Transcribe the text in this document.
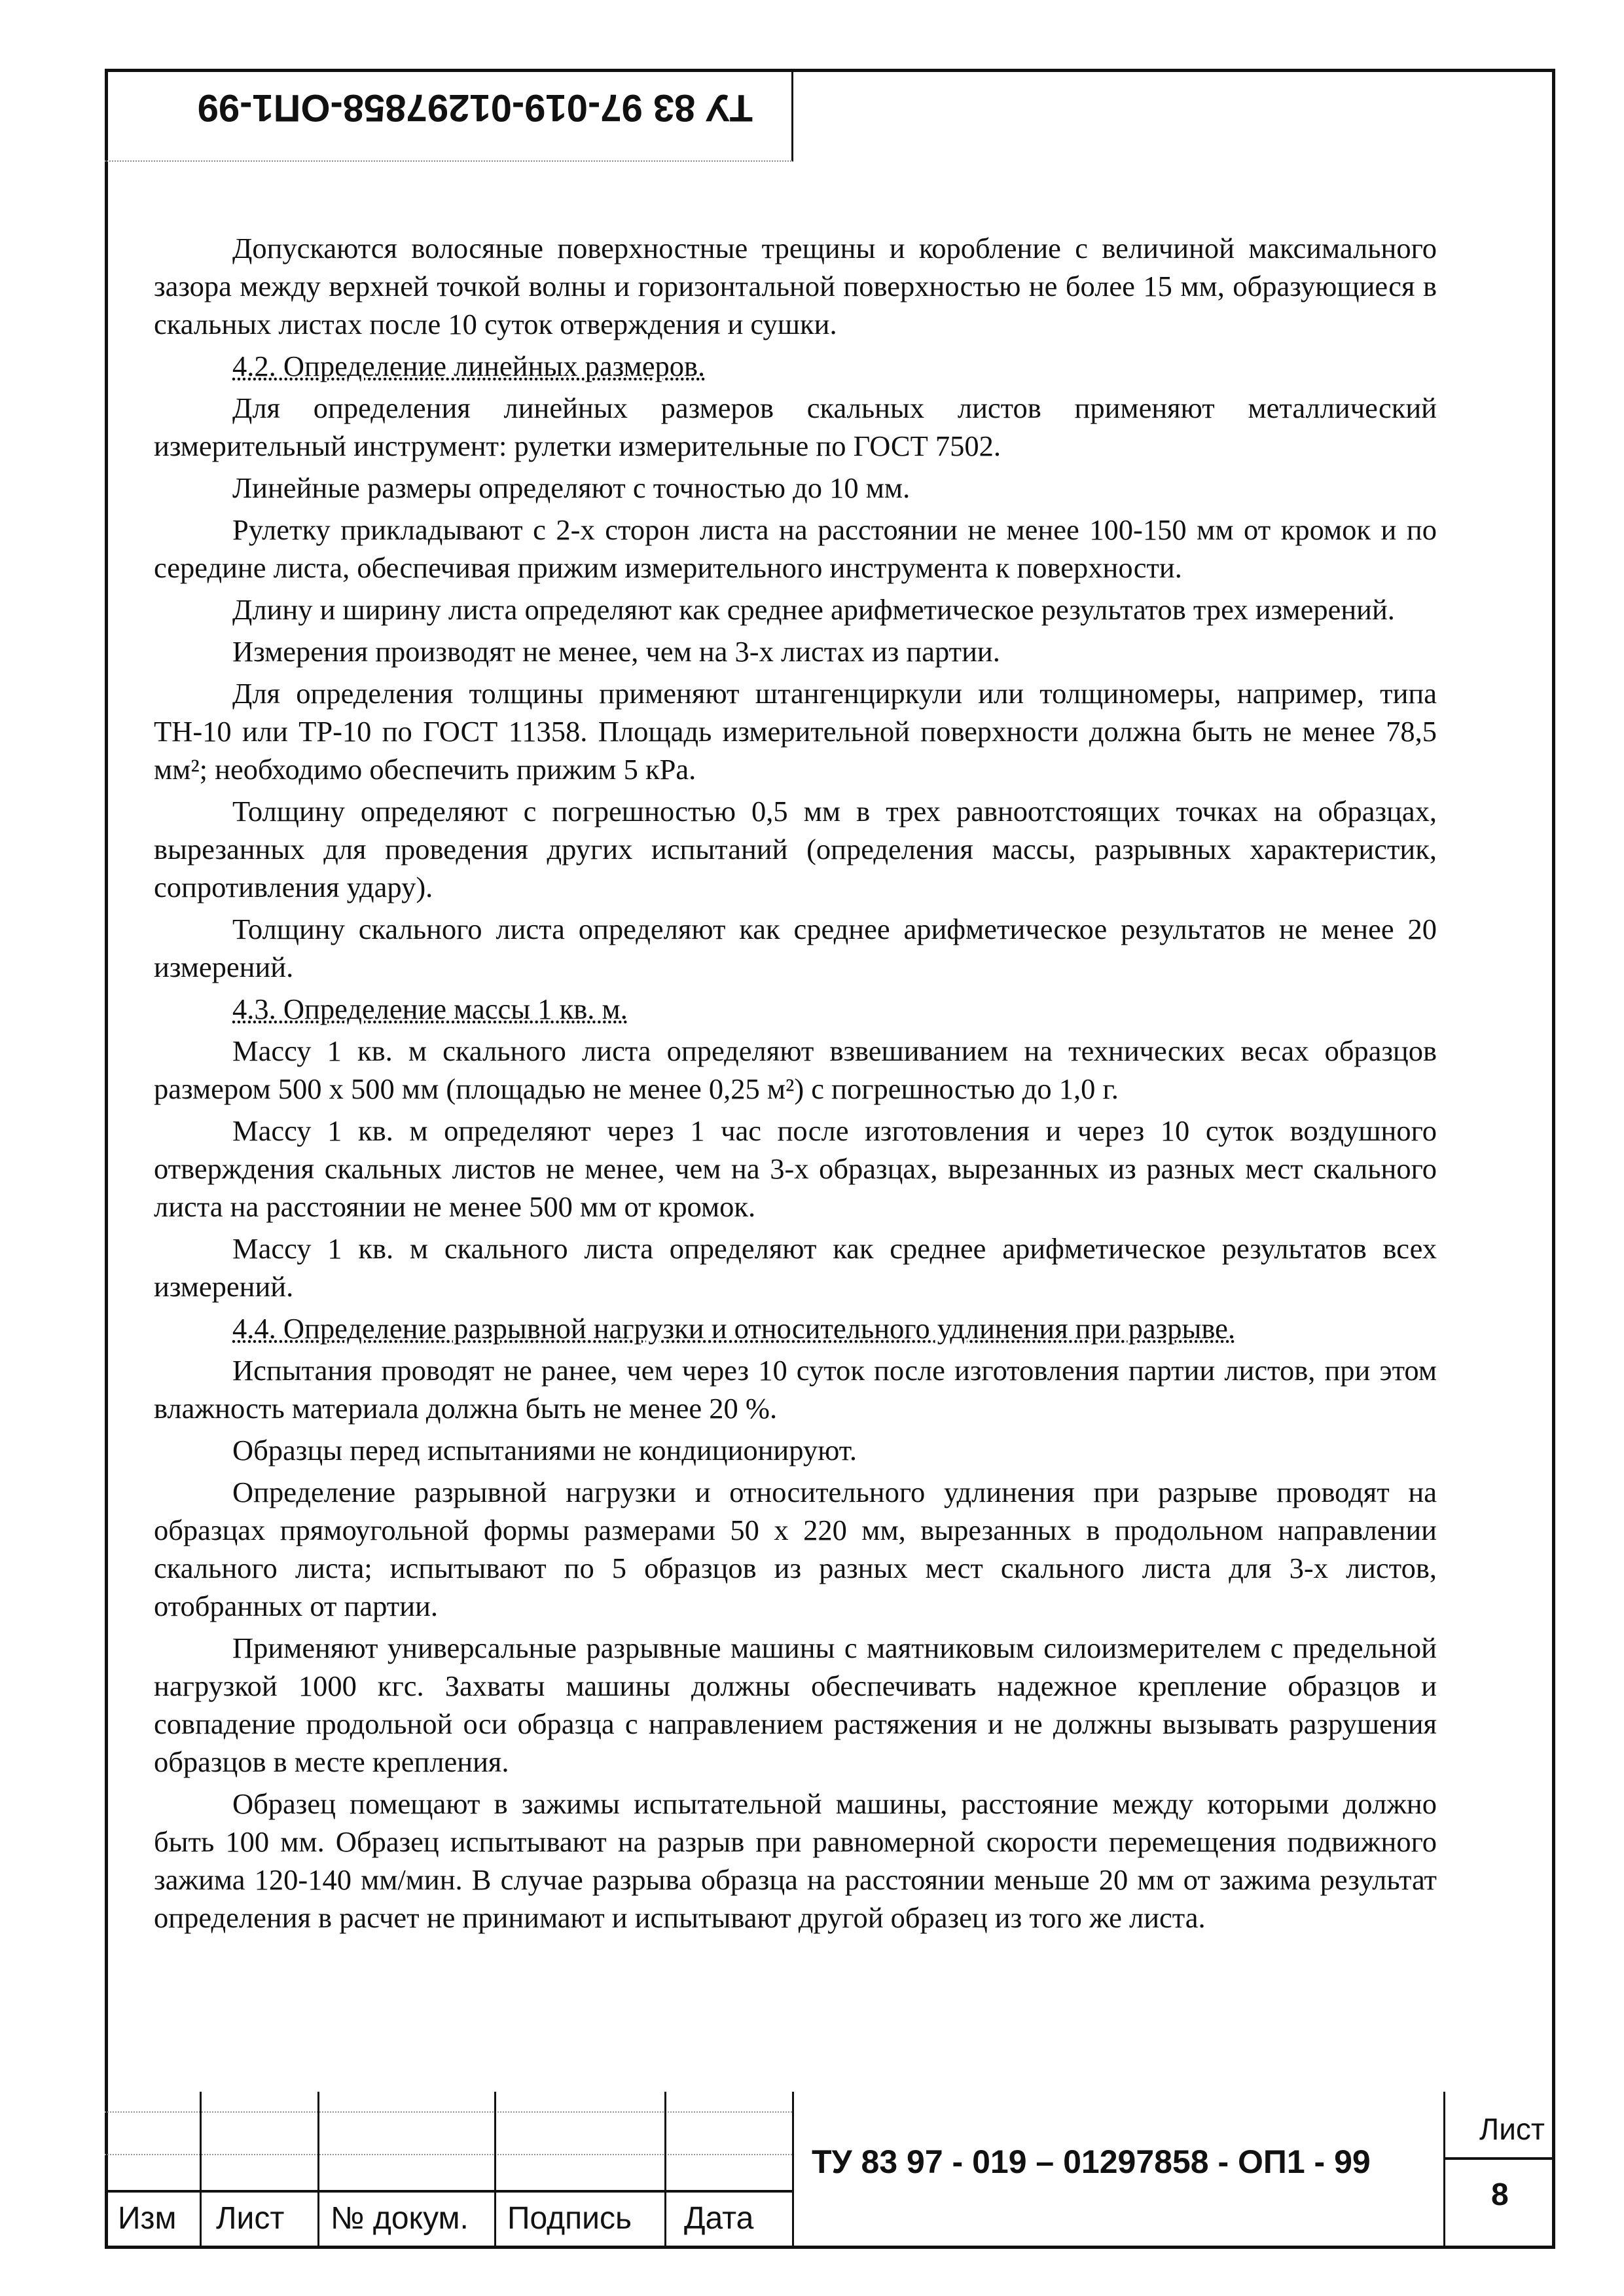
ТУ 83 97-019-01297858-ОП1-99

Допускаются волосяные поверхностные трещины и коробление с величиной максимального зазора между верхней точкой волны и горизонтальной поверхностью не более 15 мм, образующиеся в скальных листах после 10 суток отверждения и сушки.

4.2. Определение линейных размеров.

Для определения линейных размеров скальных листов применяют металлический измерительный инструмент: рулетки измерительные по ГОСТ 7502.

Линейные размеры определяют с точностью до 10 мм.

Рулетку прикладывают с 2-х сторон листа на расстоянии не менее 100-150 мм от кромок и по середине листа, обеспечивая прижим измерительного инструмента к поверхности.

Длину и ширину листа определяют как среднее арифметическое результатов трех измерений.

Измерения производят не менее, чем на 3-х листах из партии.

Для определения толщины применяют штангенциркули или толщиномеры, например, типа ТН-10 или ТР-10 по ГОСТ 11358. Площадь измерительной поверхности должна быть не менее 78,5 мм²; необходимо обеспечить прижим 5 кРа.

Толщину определяют с погрешностью 0,5 мм в трех равноотстоящих точках на образцах, вырезанных для проведения других испытаний (определения массы, разрывных характеристик, сопротивления удару).

Толщину скального листа определяют как среднее арифметическое результатов не менее 20 измерений.

4.3. Определение массы 1 кв. м.

Массу 1 кв. м скального листа определяют взвешиванием на технических весах образцов размером 500 х 500 мм (площадью не менее 0,25 м²) с погрешностью до 1,0 г.

Массу 1 кв. м определяют через 1 час после изготовления и через 10 суток воздушного отверждения скальных листов не менее, чем на 3-х образцах, вырезанных из разных мест скального листа на расстоянии не менее 500 мм от кромок.

Массу 1 кв. м скального листа определяют как среднее арифметическое результатов всех измерений.

4.4. Определение разрывной нагрузки и относительного удлинения при разрыве.

Испытания проводят не ранее, чем через 10 суток после изготовления партии листов, при этом влажность материала должна быть не менее 20 %.

Образцы перед испытаниями не кондиционируют.

Определение разрывной нагрузки и относительного удлинения при разрыве проводят на образцах прямоугольной формы размерами 50 х 220 мм, вырезанных в продольном направлении скального листа; испытывают по 5 образцов из разных мест скального листа для 3-х листов, отобранных от партии.

Применяют универсальные разрывные машины с маятниковым силоизмерителем с предельной нагрузкой 1000 кгс. Захваты машины должны обеспечивать надежное крепление образцов и совпадение продольной оси образца с направлением растяжения и не должны вызывать разрушения образцов в месте крепления.

Образец помещают в зажимы испытательной машины, расстояние между которыми должно быть 100 мм. Образец испытывают на разрыв при равномерной скорости перемещения подвижного зажима 120-140 мм/мин. В случае разрыва образца на расстоянии меньше 20 мм от зажима результат определения в расчет не принимают и испытывают другой образец из того же листа.

Изм Лист № докум. Подпись Дата
ТУ 83 97 - 019 – 01297858 - ОП1 - 99
Лист
8
